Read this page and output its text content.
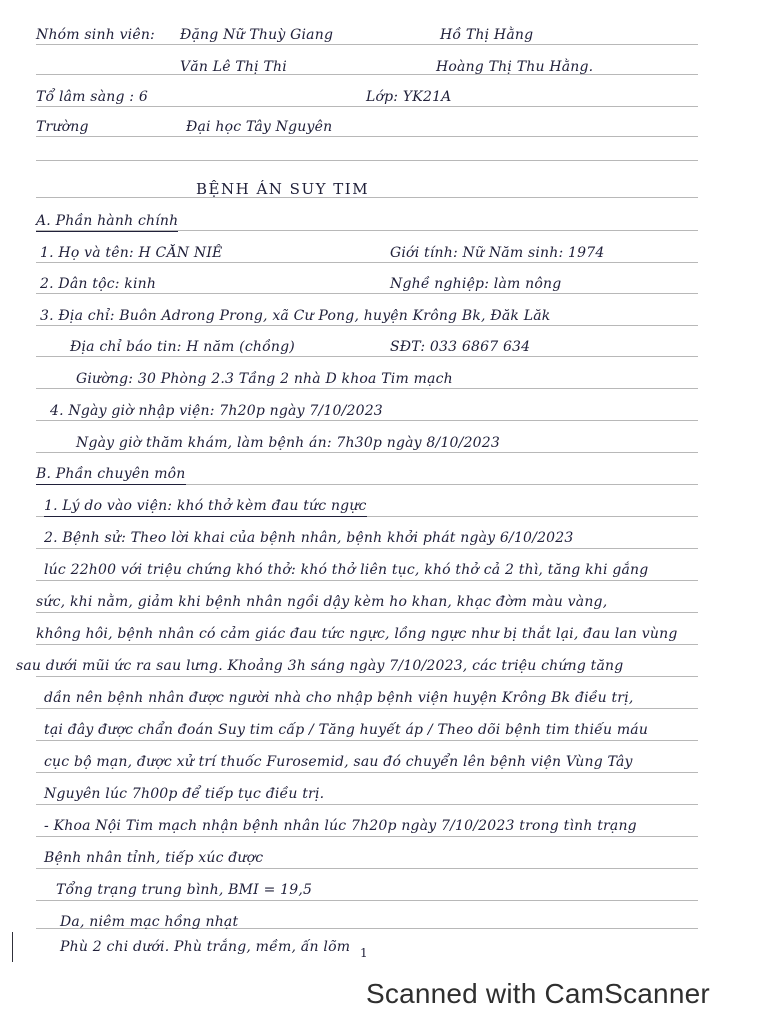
Nhóm sinh viên: Đặng Nữ Thuỳ Giang	Hồ Thị Hằng
Văn Lê Thị Thi	Hoàng Thị Thu Hằng.
Tổ lâm sàng : 6	Lớp: YK21A
Trường	Đại học Tây Nguyên
BỆNH ÁN SUY TIM
A. Phần hành chính
1. Họ và tên: H CĂN NIÊ	Giới tính: Nữ Năm sinh: 1974
2. Dân tộc: kinh	Nghề nghiệp: làm nông
3. Địa chỉ: Buôn Adrong Prong, xã Cư Pong, huyện Krông Bk, Đăk Lăk
Địa chỉ báo tin: H năm (chồng)	SĐT: 033 6867 634
Giường: 30 Phòng 2.3 Tầng 2 nhà D khoa Tim mạch
4. Ngày giờ nhập viện: 7h20p ngày 7/10/2023
Ngày giờ thăm khám, làm bệnh án: 7h30p ngày 8/10/2023
B. Phần chuyên môn
1. Lý do vào viện: khó thở kèm đau tức ngực
2. Bệnh sử: Theo lời khai của bệnh nhân, bệnh khởi phát ngày 6/10/2023
lúc 22h00 với triệu chứng khó thở: khó thở liên tục, khó thở cả 2 thì, tăng khi gắng
sức, khi nằm, giảm khi bệnh nhân ngồi dậy kèm ho khan, khạc đờm màu vàng,
không hôi, bệnh nhân có cảm giác đau tức ngực, lồng ngực như bị thắt lại, đau lan vùng
sau dưới mũi ức ra sau lưng. Khoảng 3h sáng ngày 7/10/2023, các triệu chứng tăng
dần nên bệnh nhân được người nhà cho nhập bệnh viện huyện Krông Bk điều trị,
tại đây được chẩn đoán Suy tim cấp / Tăng huyết áp / Theo dõi bệnh tim thiếu máu
cục bộ mạn, được xử trí thuốc Furosemid, sau đó chuyển lên bệnh viện Vùng Tây
Nguyên lúc 7h00p để tiếp tục điều trị.
- Khoa Nội Tim mạch nhận bệnh nhân lúc 7h20p ngày 7/10/2023 trong tình trạng
Bệnh nhân tỉnh, tiếp xúc được
Tổng trạng trung bình, BMI = 19,5
Da, niêm mạc hồng nhạt
Phù 2 chi dưới. Phù trắng, mềm, ấn lõm 1
Scanned with CamScanner
